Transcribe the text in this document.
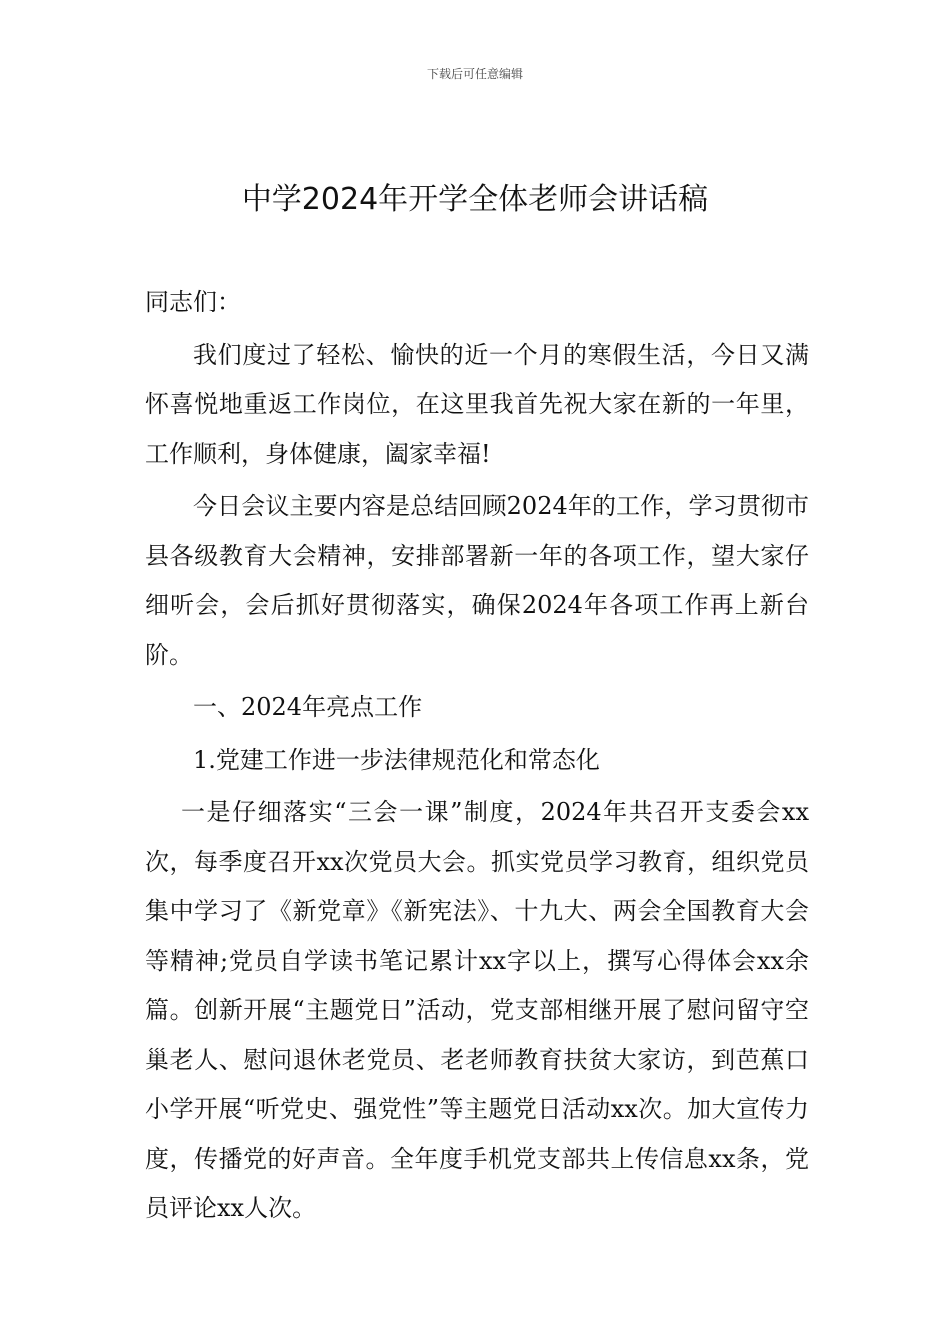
下载后可任意编辑
中学2024年开学全体老师会讲话稿

同志们：

我们度过了轻松、愉快的近一个月的寒假生活，今日又满怀喜悦地重返工作岗位，在这里我首先祝大家在新的一年里，工作顺利，身体健康，阖家幸福!

今日会议主要内容是总结回顾2024年的工作，学习贯彻市县各级教育大会精神，安排部署新一年的各项工作，望大家仔细听会，会后抓好贯彻落实，确保2024年各项工作再上新台阶。

一、2024年亮点工作

1.党建工作进一步法律规范化和常态化

一是仔细落实“三会一课”制度，2024年共召开支委会xx次，每季度召开xx次党员大会。抓实党员学习教育，组织党员集中学习了《新党章》《新宪法》、十九大、两会全国教育大会等精神;党员自学读书笔记累计xx字以上，撰写心得体会xx余篇。创新开展“主题党日”活动，党支部相继开展了慰问留守空巢老人、慰问退休老党员、老老师教育扶贫大家访，到芭蕉口小学开展“听党史、强党性”等主题党日活动xx次。加大宣传力度，传播党的好声音。全年度手机党支部共上传信息xx条，党员评论xx人次。
